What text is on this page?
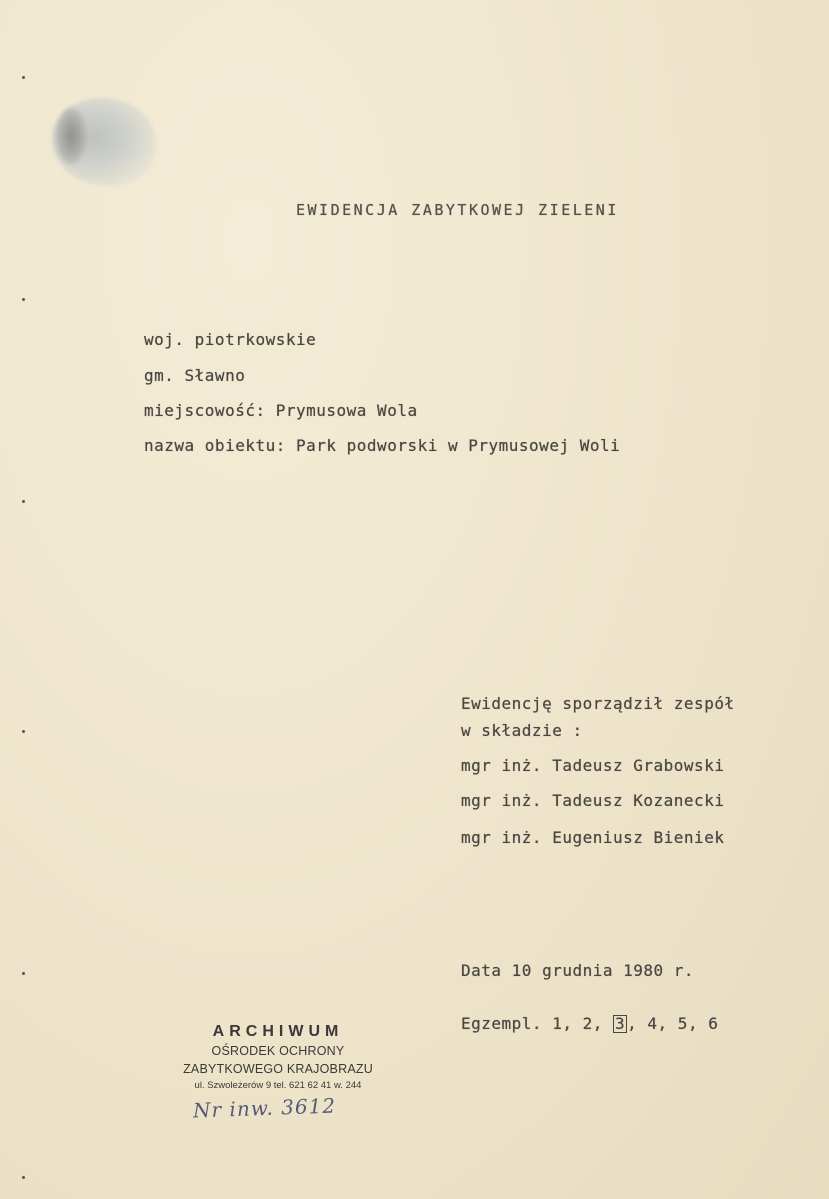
EWIDENCJA ZABYTKOWEJ ZIELENI
woj. piotrkowskie
gm. Sławno
miejscowość: Prymusowa Wola
nazwa obiektu: Park podworski w Prymusowej Woli
Ewidencję sporządził zespół
w składzie :
mgr inż. Tadeusz Grabowski
mgr inż. Tadeusz Kozanecki
mgr inż. Eugeniusz Bieniek
Data 10 grudnia 1980 r.
Egzempl. 1, 2, 3 , 4, 5, 6
ARCHIWUM
OŚRODEK OCHRONY
ZABYTKOWEGO KRAJOBRAZU
ul. Szwoleżerów 9 tel. 621 62 41 w. 244
Nr inw. 3612
